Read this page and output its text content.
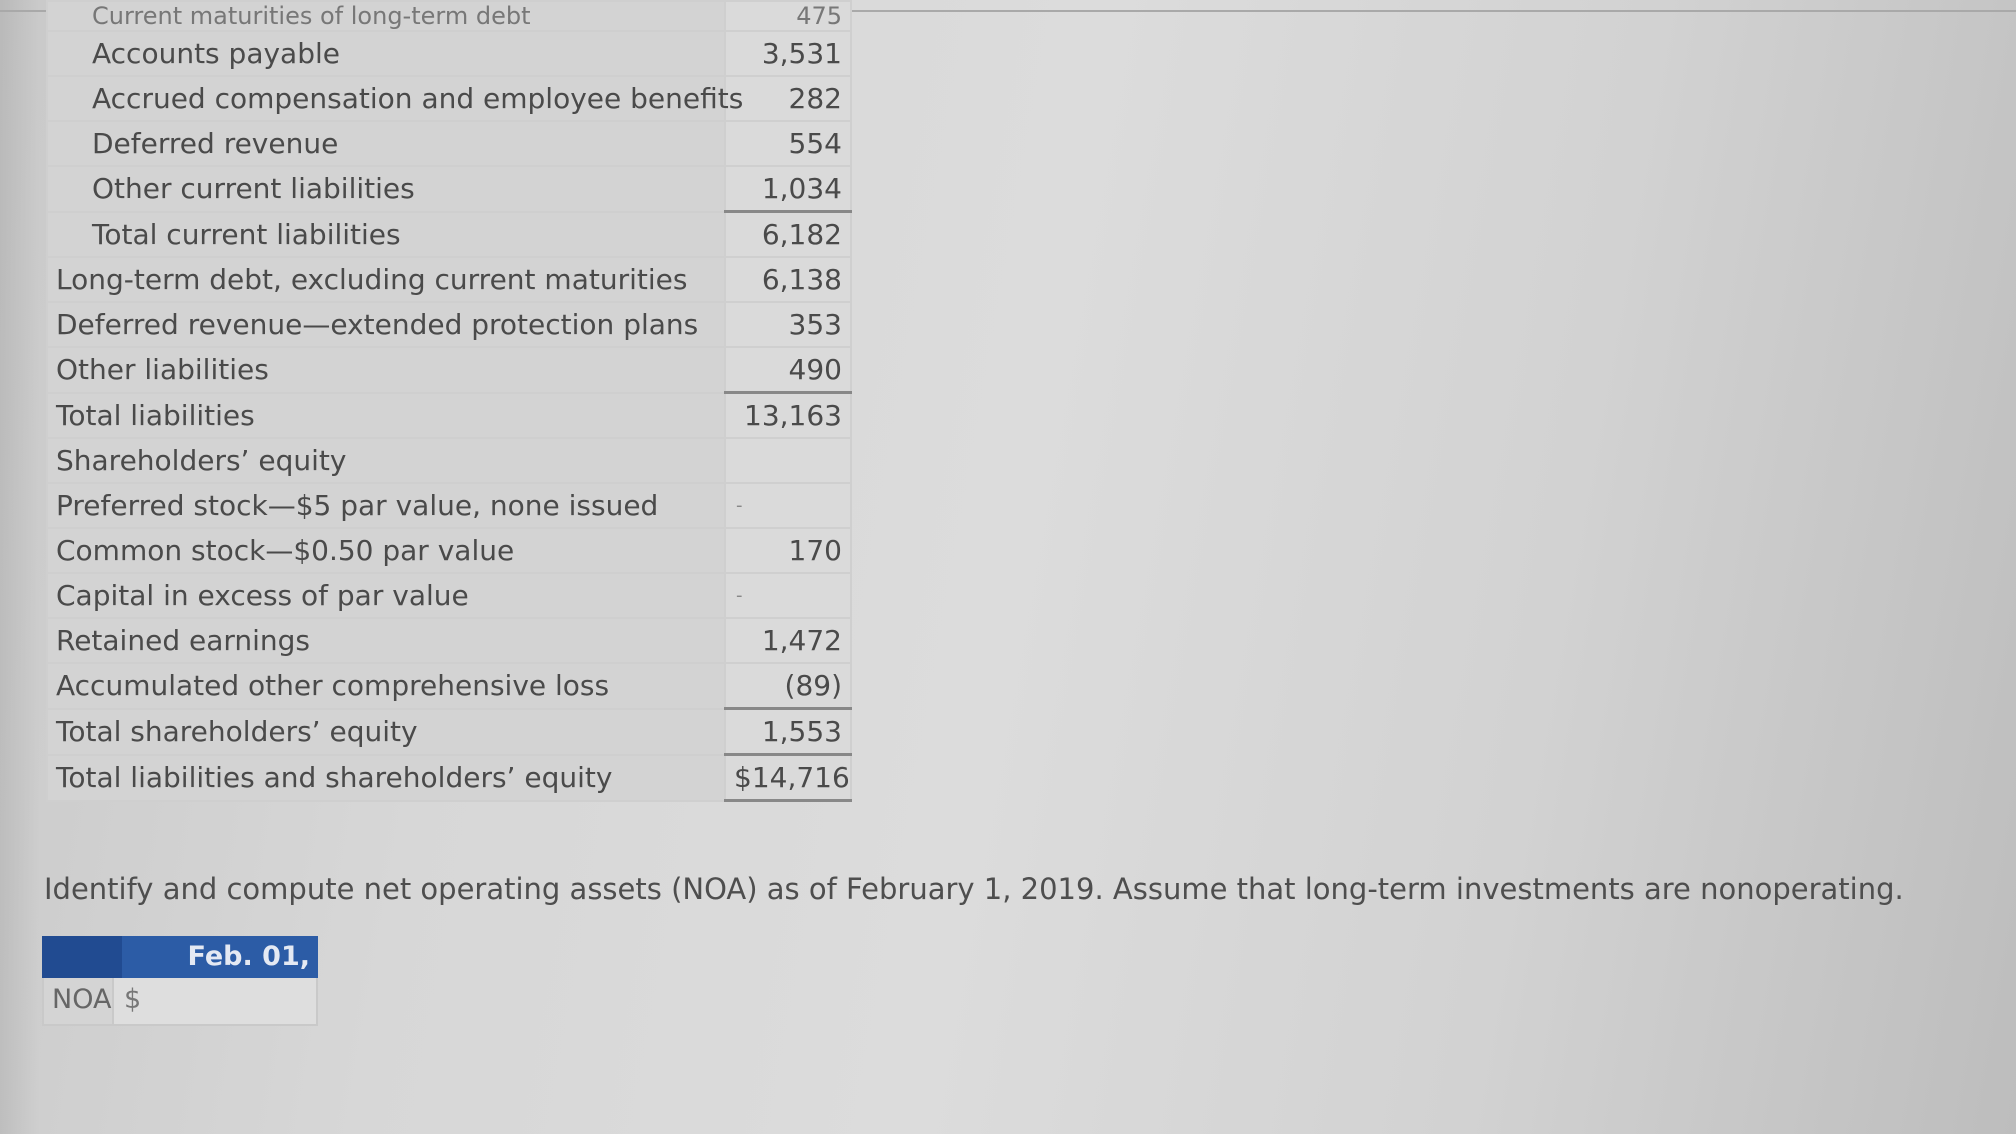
Current maturities of long-term debt	475
Accounts payable	3,531
Accrued compensation and employee benefits	282
Deferred revenue	554
Other current liabilities	1,034
Total current liabilities	6,182
Long-term debt, excluding current maturities	6,138
Deferred revenue—extended protection plans	353
Other liabilities	490
Total liabilities	13,163
Shareholders’ equity	
Preferred stock—$5 par value, none issued	-
Common stock—$0.50 par value	170
Capital in excess of par value	-
Retained earnings	1,472
Accumulated other comprehensive loss	(89)
Total shareholders’ equity	1,553
Total liabilities and shareholders’ equity	$14,716
Identify and compute net operating assets (NOA) as of February 1, 2019. Assume that long-term investments are nonoperating.
Feb. 01,
NOA $
